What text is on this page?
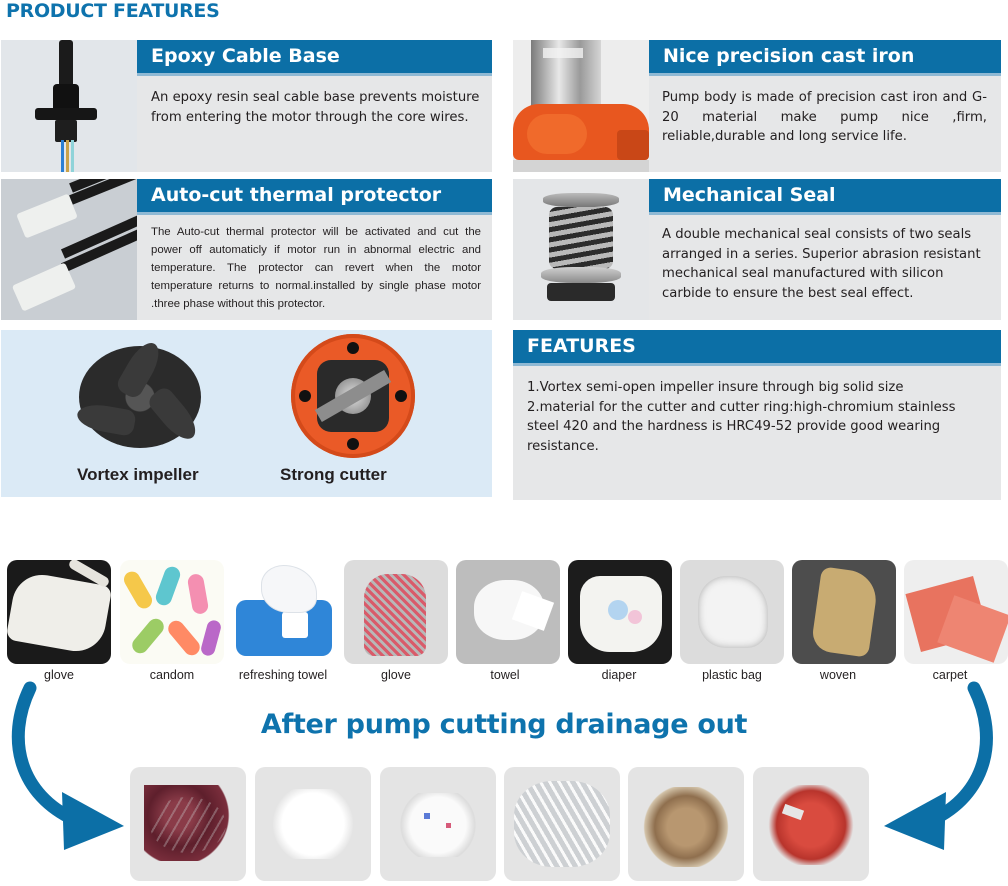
PRODUCT FEATURES
Epoxy Cable Base
An epoxy resin seal cable base prevents moisture from entering the motor through the core wires.
Nice precision cast iron
Pump body is made of precision cast iron and G-20 material make pump nice ,firm, reliable,durable and long service life.
Auto-cut thermal protector
The Auto-cut thermal protector will be activated and cut the power off automaticly if motor run in abnormal electric and temperature. The protector can revert when the motor temperature returns to normal.installed by single phase motor .three phase without this protector.
Mechanical Seal
A double mechanical seal consists of two seals arranged in a series. Superior abrasion resistant mechanical seal manufactured with silicon carbide to ensure the best seal effect.
Vortex impeller	Strong cutter
FEATURES
1.Vortex semi-open impeller insure through big solid size
2.material for the cutter and cutter ring:high-chromium stainless steel 420 and the hardness is HRC49-52 provide good wearing resistance.
glove	candom	refreshing towel	glove	towel	diaper	plastic bag	woven	carpet
After pump cutting drainage out
